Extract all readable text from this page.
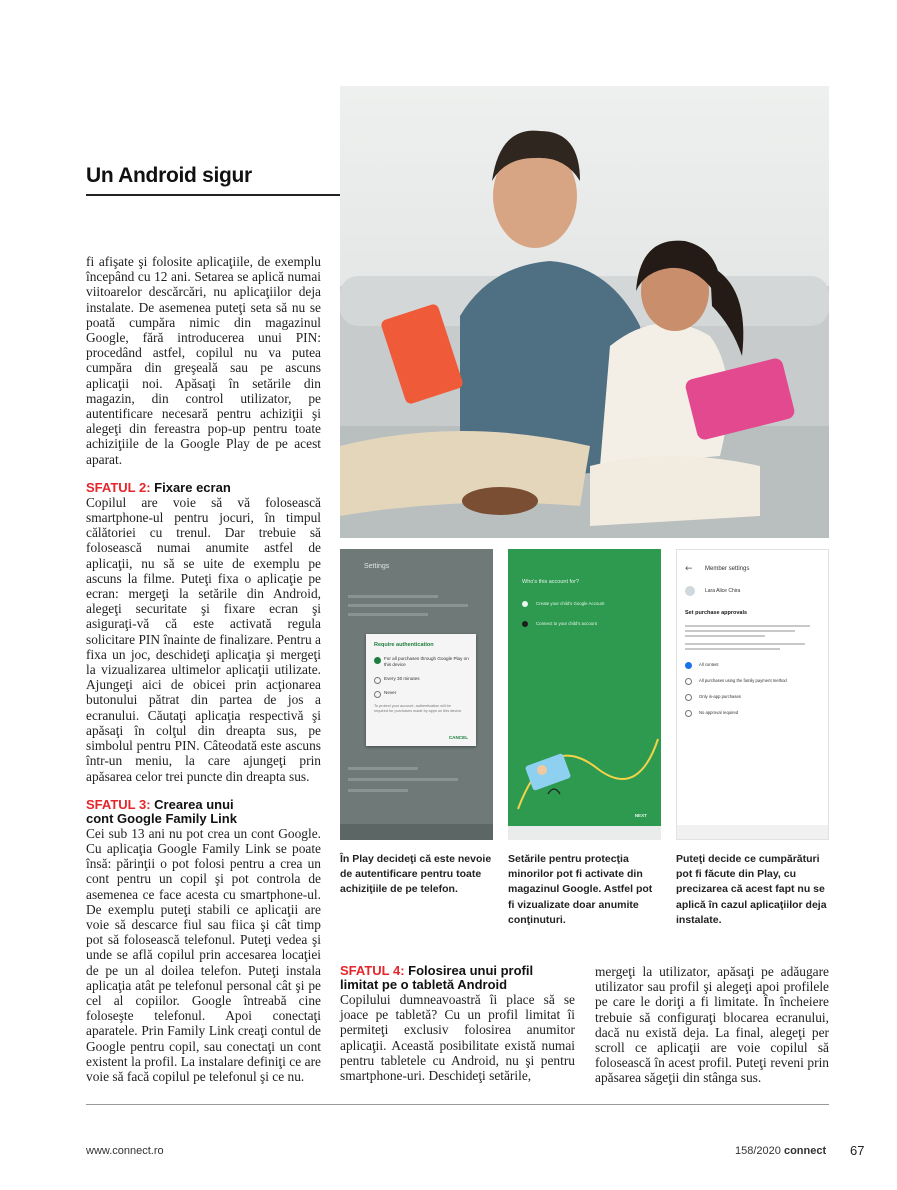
Un Android sigur

fi afişate şi folosite aplicaţiile, de exemplu începând cu 12 ani. Setarea se aplică numai viitoarelor descărcări, nu aplicaţiilor deja instalate. De asemenea puteţi seta să nu se poată cumpăra nimic din magazinul Google, fără introducerea unui PIN: procedând astfel, copilul nu va putea cumpăra din greşeală sau pe ascuns aplicaţii noi. Apăsaţi în setările din magazin, din control utilizator, pe autentificare necesară pentru achiziţii şi alegeţi din fereastra pop-up pentru toate achiziţiile de la Google Play de pe acest aparat.

SFATUL 2: Fixare ecran

Copilul are voie să vă folosească smartphone-ul pentru jocuri, în timpul călătoriei cu trenul. Dar trebuie să folosească numai anumite astfel de aplicaţii, nu să se uite de exemplu pe ascuns la filme. Puteţi fixa o aplicaţie pe ecran: mergeţi la setările din Android, alegeţi securitate şi fixare ecran şi asiguraţi-vă că este activată regula solicitare PIN înainte de finalizare. Pentru a fixa un joc, deschideţi aplicaţia şi mergeţi la vizualizarea ultimelor aplicaţii utilizate. Ajungeţi aici de obicei prin acţionarea butonului pătrat din partea de jos a ecranului. Căutaţi aplicaţia respectivă şi apăsaţi în colţul din dreapta sus, pe simbolul pentru PIN. Câteodată este ascuns într-un meniu, la care ajungeţi prin apăsarea celor trei puncte din dreapta sus.

SFATUL 3: Crearea unui
cont Google Family Link

Cei sub 13 ani nu pot crea un cont Google. Cu aplicaţia Google Family Link se poate însă: părinţii o pot folosi pentru a crea un cont pentru un copil şi pot controla de asemenea ce face acesta cu smartphone-ul. De exemplu puteţi stabili ce aplicaţii are voie să descarce fiul sau fiica şi cât timp pot să folosească telefonul. Puteţi vedea şi unde se află copilul prin accesarea locaţiei de pe un al doilea telefon. Puteţi instala aplicaţia atât pe telefonul personal cât şi pe cel al copiilor. Google întreabă cine foloseşte telefonul. Apoi conectaţi aparatele. Prin Family Link creaţi contul de Google pentru copil, sau conectaţi un cont existent la profil. La instalare definiţi ce are voie să facă copilul pe telefonul şi ce nu.

Settings
Require authentication
For all purchases through Google Play on this device
Every 30 minutes
Never
To protect your account, authentication will be required for purchases made by apps on this device.
CANCEL
Who's this account for?
Create your child's Google Account
Connect to your child's account
NEXT
← Member settings
Lara Alice Chira
Set purchase approvals
All content
All purchases using the family payment method
Only in-app purchases
No approval required
În Play decideţi că este nevoie de autentificare pentru toate achiziţiile de pe telefon.
Setările pentru protecţia minorilor pot fi activate din magazinul Google. Astfel pot fi vizualizate doar anumite conţinuturi.
Puteţi decide ce cumpărături pot fi făcute din Play, cu precizarea că acest fapt nu se aplică în cazul aplicaţiilor deja instalate.
SFATUL 4: Folosirea unui profil
limitat pe o tabletă Android

Copilului dumneavoastră îi place să se joace pe tabletă? Cu un profil limitat îi permiteţi exclusiv folosirea anumitor aplicaţii. Această posibilitate există numai pentru tabletele cu Android, nu şi pentru smartphone-uri. Deschideţi setările,

mergeţi la utilizator, apăsaţi pe adăugare utilizator sau profil şi alegeţi apoi profilele pe care le doriţi a fi limitate. În încheiere trebuie să configuraţi blocarea ecranului, dacă nu există deja. La final, alegeţi per scroll ce aplicaţii are voie copilul să folosească în acest profil. Puteţi reveni prin apăsarea săgeţii din stânga sus.

www.connect.ro	158/2020 connect 67
